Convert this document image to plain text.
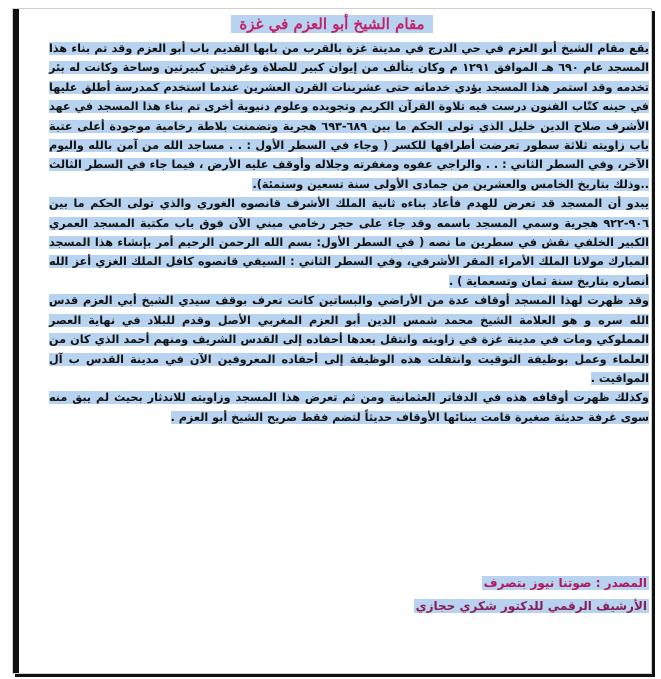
مقام الشيخ أبو العزم في غزة

يقع مقام الشيخ أبو العزم في حي الدرج في مدينة غزة بالقرب من بابها القديم باب أبو العزم وقد تم بناء هذا المسجد عام ٦٩٠ هـ الموافق ١٢٩١ م وكان يتألف من إيوان كبير للصلاة وغرفتين كبيرتين وساحة وكانت له بئر تخدمه وقد استمر هذا المسجد يؤدي خدماته حتى عشرينات القرن العشرين عندما استخدم كمدرسة أطلق عليها في حينه كتّاب الفنون درست فيه تلاوة القرآن الكريم وتجويده وعلوم دنيوية أخرى تم بناء هذا المسجد في عهد الأشرف صلاح الدين خليل الذي تولى الحكم ما بين ٦٨٩-٦٩٣ هجرية وتضمنت بلاطة رخامية موجودة أعلى عتبة باب زاويته ثلاثة سطور تعرضت أطرافها للكسر ( وجاء في السطر الأول : . . مساجد الله من آمن بالله واليوم الآخر، وفي السطر الثاني : . . والراجي عفوه ومغفرته وجلاله وأوقف عليه الأرض ، فيما جاء في السطر الثالث ..وذلك بتاريخ الخامس والعشرين من جمادى الأولى سنة تسعين وستمئة).

يبدو أن المسجد قد تعرض للهدم فأعاد بناءه ثانية الملك الأشرف قانصوه الغوري والذي تولى الحكم ما بين ٩٠٦-٩٢٢ هجرية وسمي المسجد باسمه وقد جاء على حجر رخامي مبني الآن فوق باب مكتبة المسجد العمري الكبير الخلفي نقش في سطرين ما نصه ( في السطر الأول: بسم الله الرحمن الرحيم أمر بإنشاء هذا المسجد المبارك مولانا الملك الأمراء المقر الأشرفي، وفي السطر الثاني : السيفي قانصوه كافل الملك الغزي أعز الله أنصاره بتاريخ سنة ثمان وتسعماية ) .

وقد ظهرت لهذا المسجد أوقاف عدة من الأراضي والبساتين كانت تعرف بوقف سيدي الشيخ أبي العزم قدس الله سره و هو العلامة الشيخ محمد شمس الدين أبو العزم المغربي الأصل وقدم للبلاد في نهاية العصر المملوكي ومات في مدينة غزة في زاويته وانتقل بعدها أحفاده إلى القدس الشريف ومنهم أحمد الذي كان من العلماء وعمل بوظيفة التوقيت وانتقلت هذه الوظيفة إلى أحفاده المعروفين الآن في مدينة القدس ب آل المواقيت .

وكذلك ظهرت أوقافه هذه في الدفاتر العثمانية ومن ثم تعرض هذا المسجد وزاويته للاندثار بحيث لم يبق منه سوى غرفة حديثة صغيرة قامت ببنائها الأوقاف حديثاً لتضم فقط ضريح الشيخ أبو العزم .

المصدر : صوتنا نيوز بتصرف
الأرشيف الرقمي للدكتور شكري حجازي
